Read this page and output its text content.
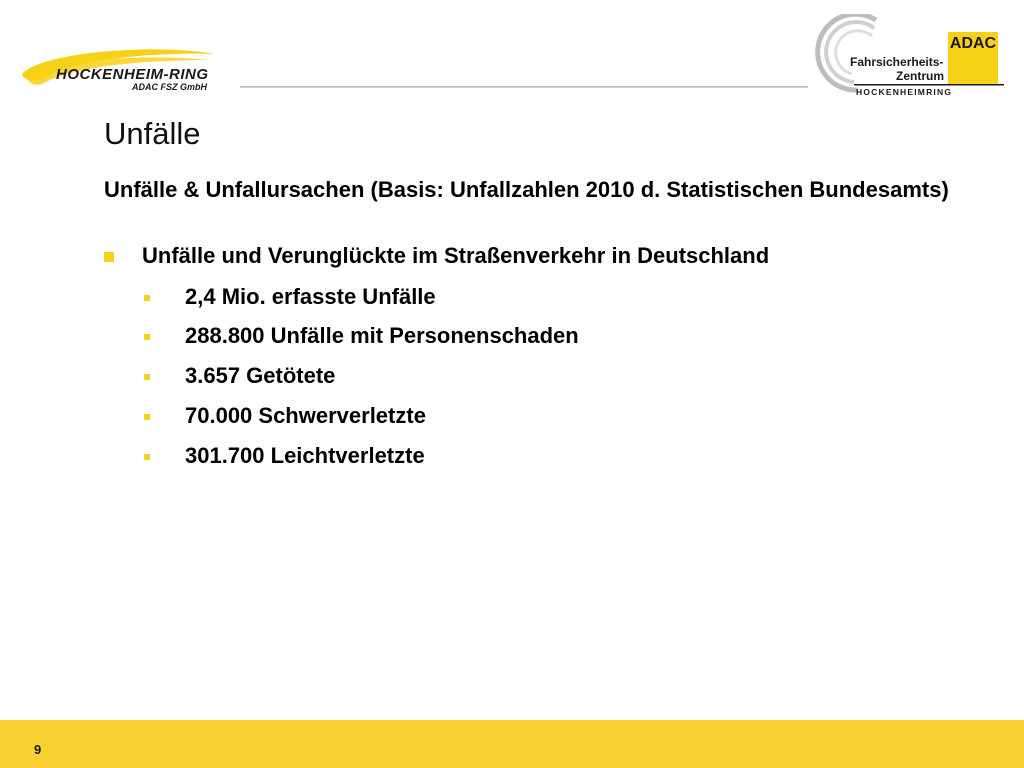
HOCKENHEIM-RING
ADAC FSZ GmbH
Fahrsicherheits-
Zentrum
ADAC
HOCKENHEIMRING
Unfälle

Unfälle & Unfallursachen (Basis: Unfallzahlen 2010 d. Statistischen Bundesamts)

Unfälle und Verunglückte im Straßenverkehr in Deutschland
2,4 Mio. erfasste Unfälle
288.800 Unfälle mit Personenschaden
3.657 Getötete
70.000 Schwerverletzte
301.700 Leichtverletzte
9
